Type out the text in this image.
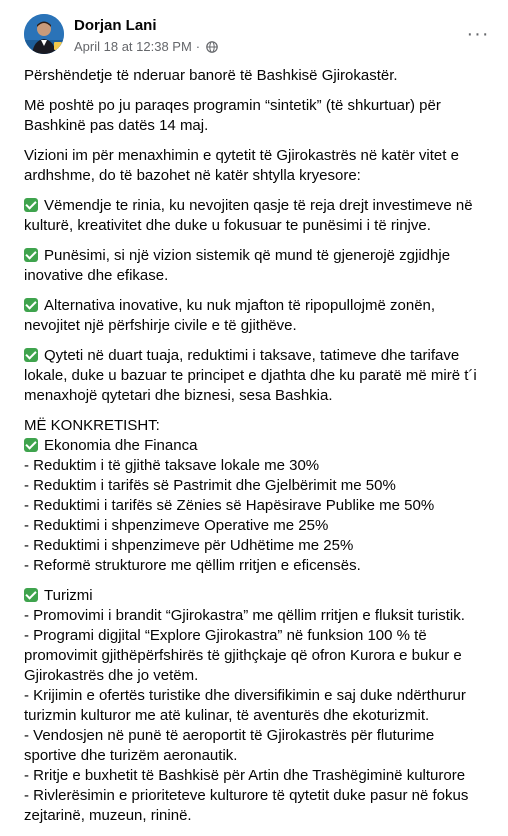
Dorjan Lani
April 18 at 12:38 PM ·
···
Përshëndetje të nderuar banorë të Bashkisë Gjirokastër.
Më poshtë po ju paraqes programin “sintetik” (të shkurtuar) për
Bashkinë pas datës 14 maj.
Vizioni im për menaxhimin e qytetit të Gjirokastrës në katër vitet e
ardhshme, do të bazohet në katër shtylla kryesore:
Vëmendje te rinia, ku nevojiten qasje të reja drejt investimeve në
kulturë, kreativitet dhe duke u fokusuar te punësimi i të rinjve.
Punësimi, si një vizion sistemik që mund të gjenerojë zgjidhje
inovative dhe efikase.
Alternativa inovative, ku nuk mjafton të ripopullojmë zonën,
nevojitet një përfshirje civile e të gjithëve.
Qyteti në duart tuaja, reduktimi i taksave, tatimeve dhe tarifave
lokale, duke u bazuar te principet e djathta dhe ku paratë më mirë t´i
menaxhojë qytetari dhe biznesi, sesa Bashkia.
MË KONKRETISHT:
Ekonomia dhe Financa
- Reduktim i të gjithë taksave lokale me 30%
- Reduktim i tarifës së Pastrimit dhe Gjelbërimit me 50%
- Reduktimi i tarifës së Zënies së Hapësirave Publike me 50%
- Reduktimi i shpenzimeve Operative me 25%
- Reduktimi i shpenzimeve për Udhëtime me 25%
- Reformë strukturore me qëllim rritjen e eficensës.
Turizmi
- Promovimi i brandit “Gjirokastra” me qëllim rritjen e fluksit turistik.
- Programi digjital “Explore Gjirokastra” në funksion 100 % të
promovimit gjithëpërfshirës të gjithçkaje që ofron Kurora e bukur e
Gjirokastrës dhe jo vetëm.
- Krijimin e ofertës turistike dhe diversifikimin e saj duke ndërthurur
turizmin kulturor me atë kulinar, të aventurës dhe ekoturizmit.
- Vendosjen në punë të aeroportit të Gjirokastrës për fluturime
sportive dhe turizëm aeronautik.
- Rritje e buxhetit të Bashkisë për Artin dhe Trashëgiminë kulturore
- Rivlerësimin e prioriteteve kulturore të qytetit duke pasur në fokus
zejtarinë, muzeun, rininë.
